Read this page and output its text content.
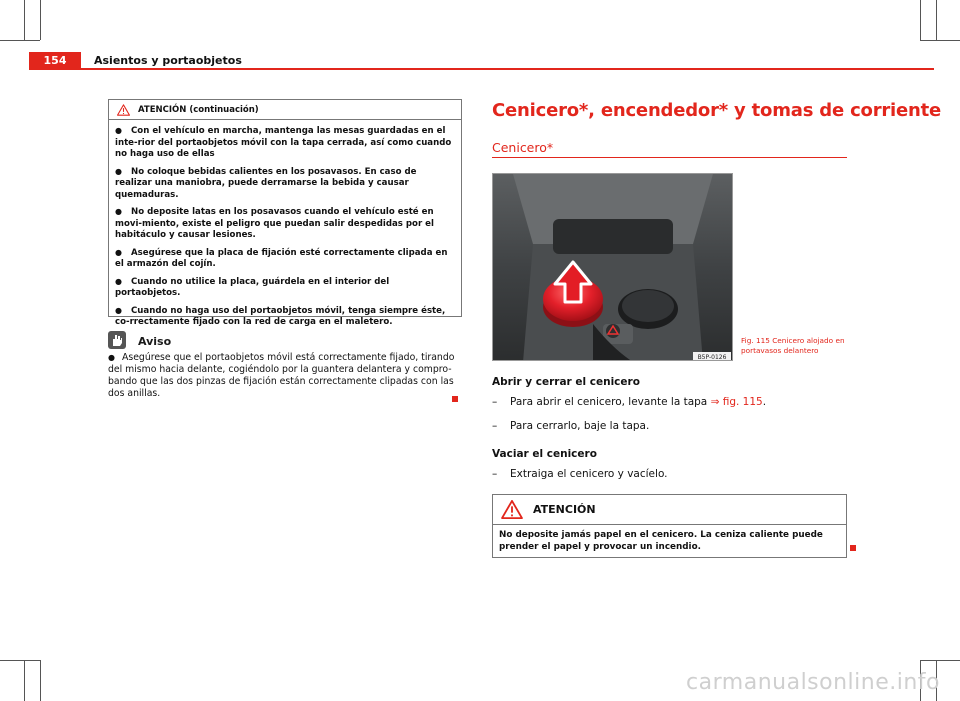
154	Asientos y portaobjetos
ATENCIÓN (continuación)
● Con el vehículo en marcha, mantenga las mesas guardadas en el inte-rior del portaobjetos móvil con la tapa cerrada, así como cuando no haga uso de ellas
● No coloque bebidas calientes en los posavasos. En caso de realizar una maniobra, puede derramarse la bebida y causar quemaduras.
● No deposite latas en los posavasos cuando el vehículo esté en movi-miento, existe el peligro que puedan salir despedidas por el habitáculo y causar lesiones.
● Asegúrese que la placa de fijación esté correctamente clipada en el armazón del cojín.
● Cuando no utilice la placa, guárdela en el interior del portaobjetos.
● Cuando no haga uso del portaobjetos móvil, tenga siempre éste, co-rrectamente fijado con la red de carga en el maletero.
Aviso
● Asegúrese que el portaobjetos móvil está correctamente fijado, tirando del mismo hacia delante, cogiéndolo por la guantera delantera y compro-bando que las dos pinzas de fijación están correctamente clipadas con las dos anillas.
Cenicero*, encendedor* y tomas de corriente
Cenicero*
B5P-0126
Fig. 115 Cenicero alojado en portavasos delantero
Abrir y cerrar el cenicero
– Para abrir el cenicero, levante la tapa ⇒ fig. 115.
– Para cerrarlo, baje la tapa.
Vaciar el cenicero
– Extraiga el cenicero y vacíelo.
ATENCIÓN
No deposite jamás papel en el cenicero. La ceniza caliente puede prender el papel y provocar un incendio.
carmanualsonline.info
